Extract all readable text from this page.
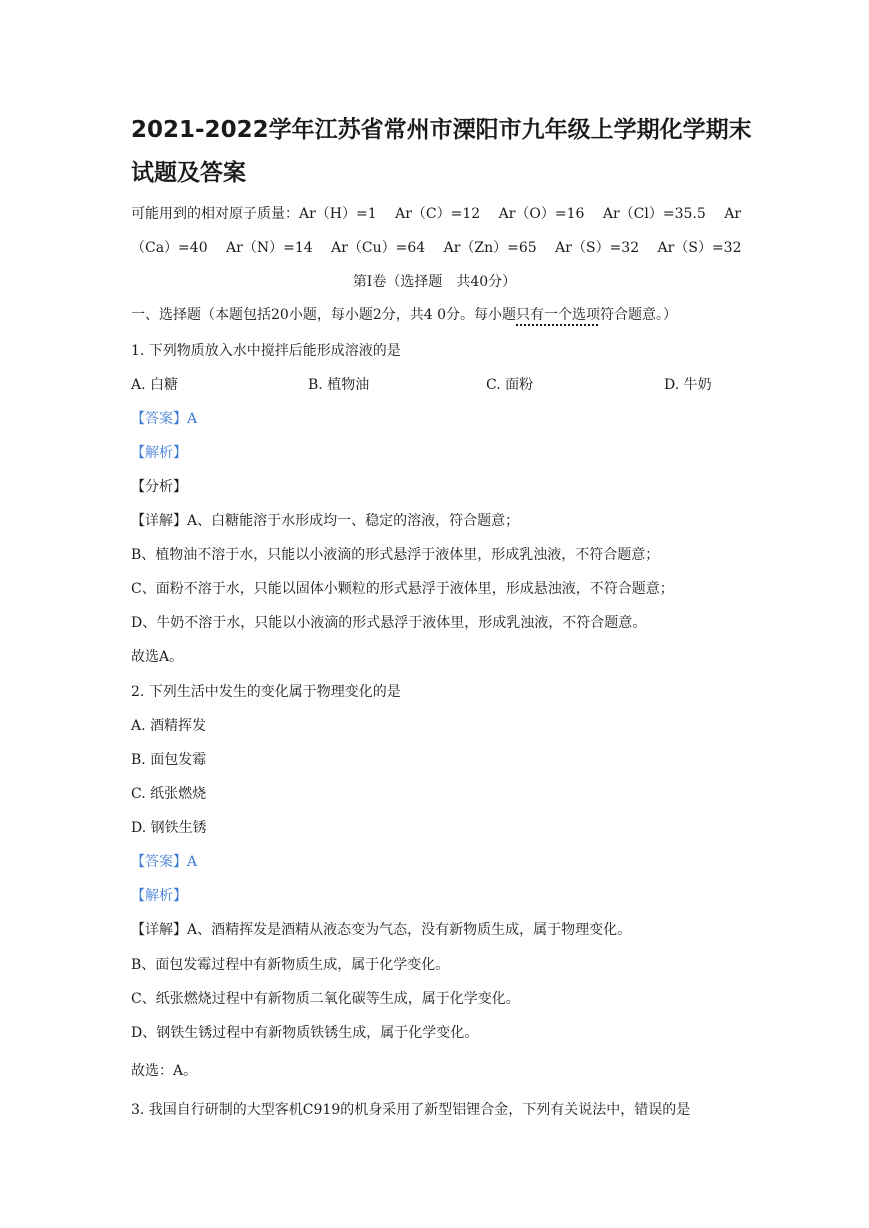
2021-2022学年江苏省常州市溧阳市九年级上学期化学期末
试题及答案
可能用到的相对原子质量：Ar（H）=1　 Ar（C）=12　 Ar（O）=16　 Ar（Cl）=35.5　 Ar
（Ca）=40　 Ar（N）=14　 Ar（Cu）=64　 Ar（Zn）=65　 Ar（S）=32　 Ar（S）=32
第Ⅰ卷（选择题　共40分）
一、选择题（本题包括20小题，每小题2分，共4 0分。每小题只有一个选项符合题意。）
1. 下列物质放入水中搅拌后能形成溶液的是
A. 白糖	B. 植物油	C. 面粉	D. 牛奶
【答案】A
【解析】
【分析】
【详解】A、白糖能溶于水形成均一、稳定的溶液，符合题意；
B、植物油不溶于水，只能以小液滴的形式悬浮于液体里，形成乳浊液，不符合题意；
C、面粉不溶于水，只能以固体小颗粒的形式悬浮于液体里，形成悬浊液，不符合题意；
D、牛奶不溶于水，只能以小液滴的形式悬浮于液体里，形成乳浊液，不符合题意。
故选A。
2. 下列生活中发生的变化属于物理变化的是
A. 酒精挥发
B. 面包发霉
C. 纸张燃烧
D. 钢铁生锈
【答案】A
【解析】
【详解】A、酒精挥发是酒精从液态变为气态，没有新物质生成，属于物理变化。
B、面包发霉过程中有新物质生成，属于化学变化。
C、纸张燃烧过程中有新物质二氧化碳等生成，属于化学变化。
D、钢铁生锈过程中有新物质铁锈生成，属于化学变化。
故选：A。
3. 我国自行研制的大型客机C919的机身采用了新型铝锂合金，下列有关说法中，错误的是
